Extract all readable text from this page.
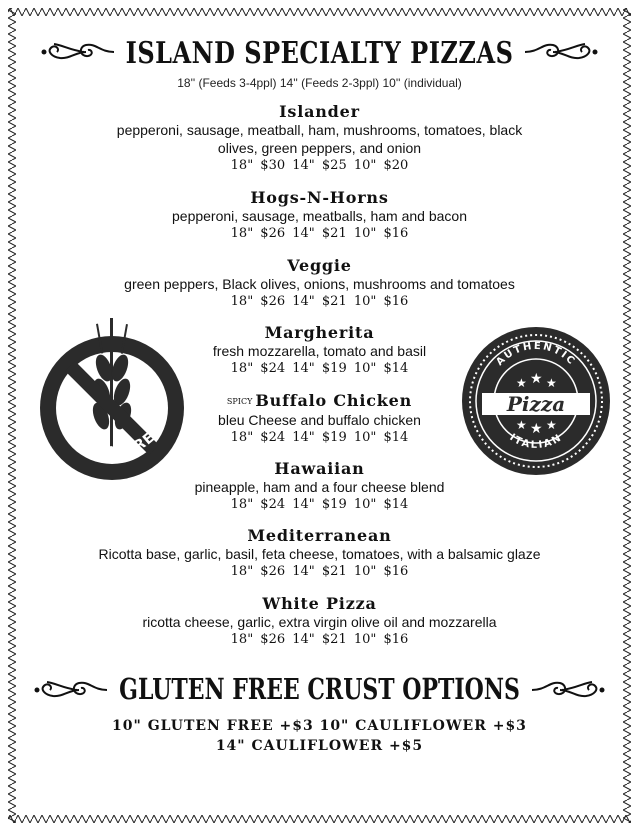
ISLAND SPECIALTY PIZZAS
18'' (Feeds 3-4ppl) 14'' (Feeds 2-3ppl) 10'' (individual)
Islander
pepperoni, sausage, meatball, ham, mushrooms, tomatoes, black
olives, green peppers, and onion
18" $30 14" $25 10" $20
Hogs-N-Horns
pepperoni, sausage, meatballs, ham and bacon
18" $26 14" $21 10" $16
Veggie
green peppers, Black olives, onions, mushrooms and tomatoes
18" $26 14" $21 10" $16
Margherita
fresh mozzarella, tomato and basil
18" $24 14" $19 10" $14
SPICY Buffalo Chicken
bleu Cheese and buffalo chicken
18" $24 14" $19 10" $14
Hawaiian
pineapple, ham and a four cheese blend
18" $24 14" $19 10" $14
Mediterranean
Ricotta base, garlic, basil, feta cheese, tomatoes, with a balsamic glaze
18" $26 14" $21 10" $16
White Pizza
ricotta cheese, garlic, extra virgin olive oil and mozzarella
18" $26 14" $21 10" $16
GLUTEN FREE
AUTHENTIC
ITALIAN
★ ★ ★
★ ★ ★
Pizza
GLUTEN FREE CRUST OPTIONS
10" GLUTEN FREE +$3 10" CAULIFLOWER +$3
14" CAULIFLOWER +$5
